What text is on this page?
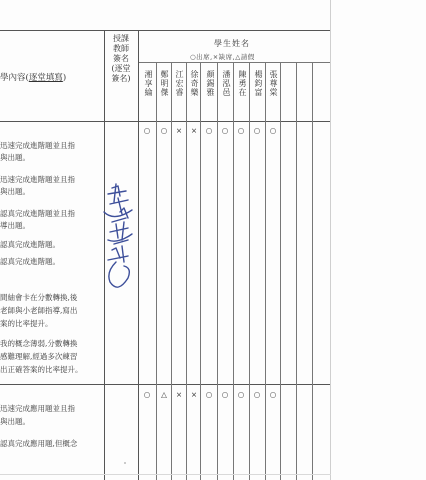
學內容(逐堂填寫)
授課
教師
簽名
(逐堂
簽名)
學生姓名
○出席,×缺席,△請假
湘享綸 鄭明傑 江宏睿 徐奇樂 顏錫雅 潘泓邑 陳勇在 楊鈞富 張尊棠
○	○	×	×	○	○	○	○	○
迅速完成進階題並且指
與出題。
迅速完成進階題並且指
與出題。
認真完成進階題並且指
導出題。
認真完成進階題。
認真完成進階題。
間紬會卡在分數轉換,後
老師與小老師指導,寫出
案的比率提升。
我的概念薄弱,分數轉換
感難理解,經過多次練習
出正確答案的比率提升。
○	△	×	×	○	○	○	○	○
迅速完成應用題並且指
與出題。
認真完成應用題,但概念
